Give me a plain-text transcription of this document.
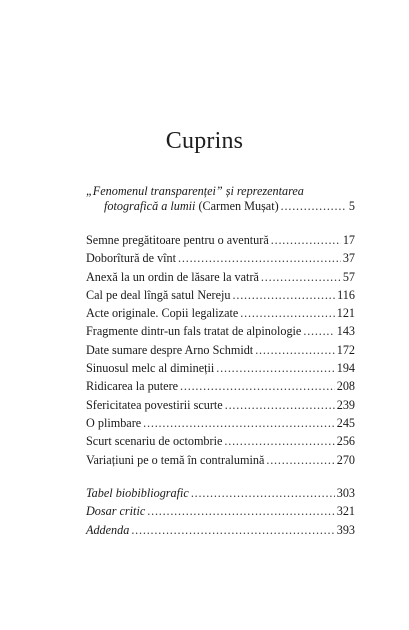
Cuprins
„Fenomenul transparenței” și reprezentarea
fotografică a lumii (Carmen Mușat) .....	5
Semne pregătitoare pentru o aventură .....	17
Doborîtură de vînt .....	37
Anexă la un ordin de lăsare la vatră .....	57
Cal pe deal lîngă satul Nereju .....	116
Acte originale. Copii legalizate .....	121
Fragmente dintr-un fals tratat de alpinologie .....	143
Date sumare despre Arno Schmidt .....	172
Sinuosul melc al dimineții .....	194
Ridicarea la putere .....	208
Sfericitatea povestirii scurte .....	239
O plimbare .....	245
Scurt scenariu de octombrie .....	256
Variațiuni pe o temă în contralumină .....	270
Tabel biobibliografic .....	303
Dosar critic .....	321
Addenda .....	393
